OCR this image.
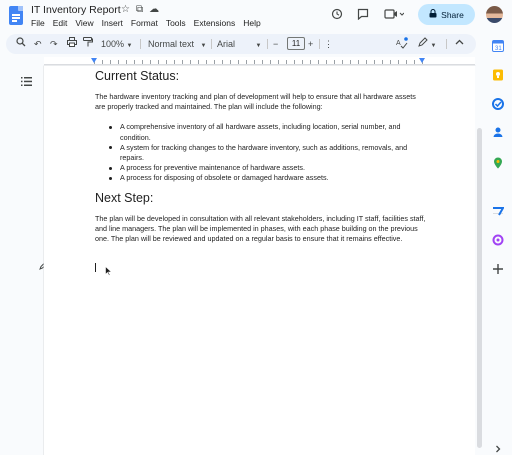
IT Inventory Report ☆ ⧉ ☁
File Edit View Insert Format Tools Extensions Help
Share
↶ ↷	100% ▼ Normal text ▼ Arial	▼ −	11 + ⋮	A	▼
Current Status:

The hardware inventory tracking and plan of development will help to ensure that all hardware assets are properly tracked and maintained. The plan will include the following:

A comprehensive inventory of all hardware assets, including location, serial number, and condition.
A system for tracking changes to the hardware inventory, such as additions, removals, and repairs.
A process for preventive maintenance of hardware assets.
A process for disposing of obsolete or damaged hardware assets.
Next Step:

The plan will be developed in consultation with all relevant stakeholders, including IT staff, facilities staff, and line managers. The plan will be implemented in phases, with each phase building on the previous one. The plan will be reviewed and updated on a regular basis to ensure that it remains effective.

31
